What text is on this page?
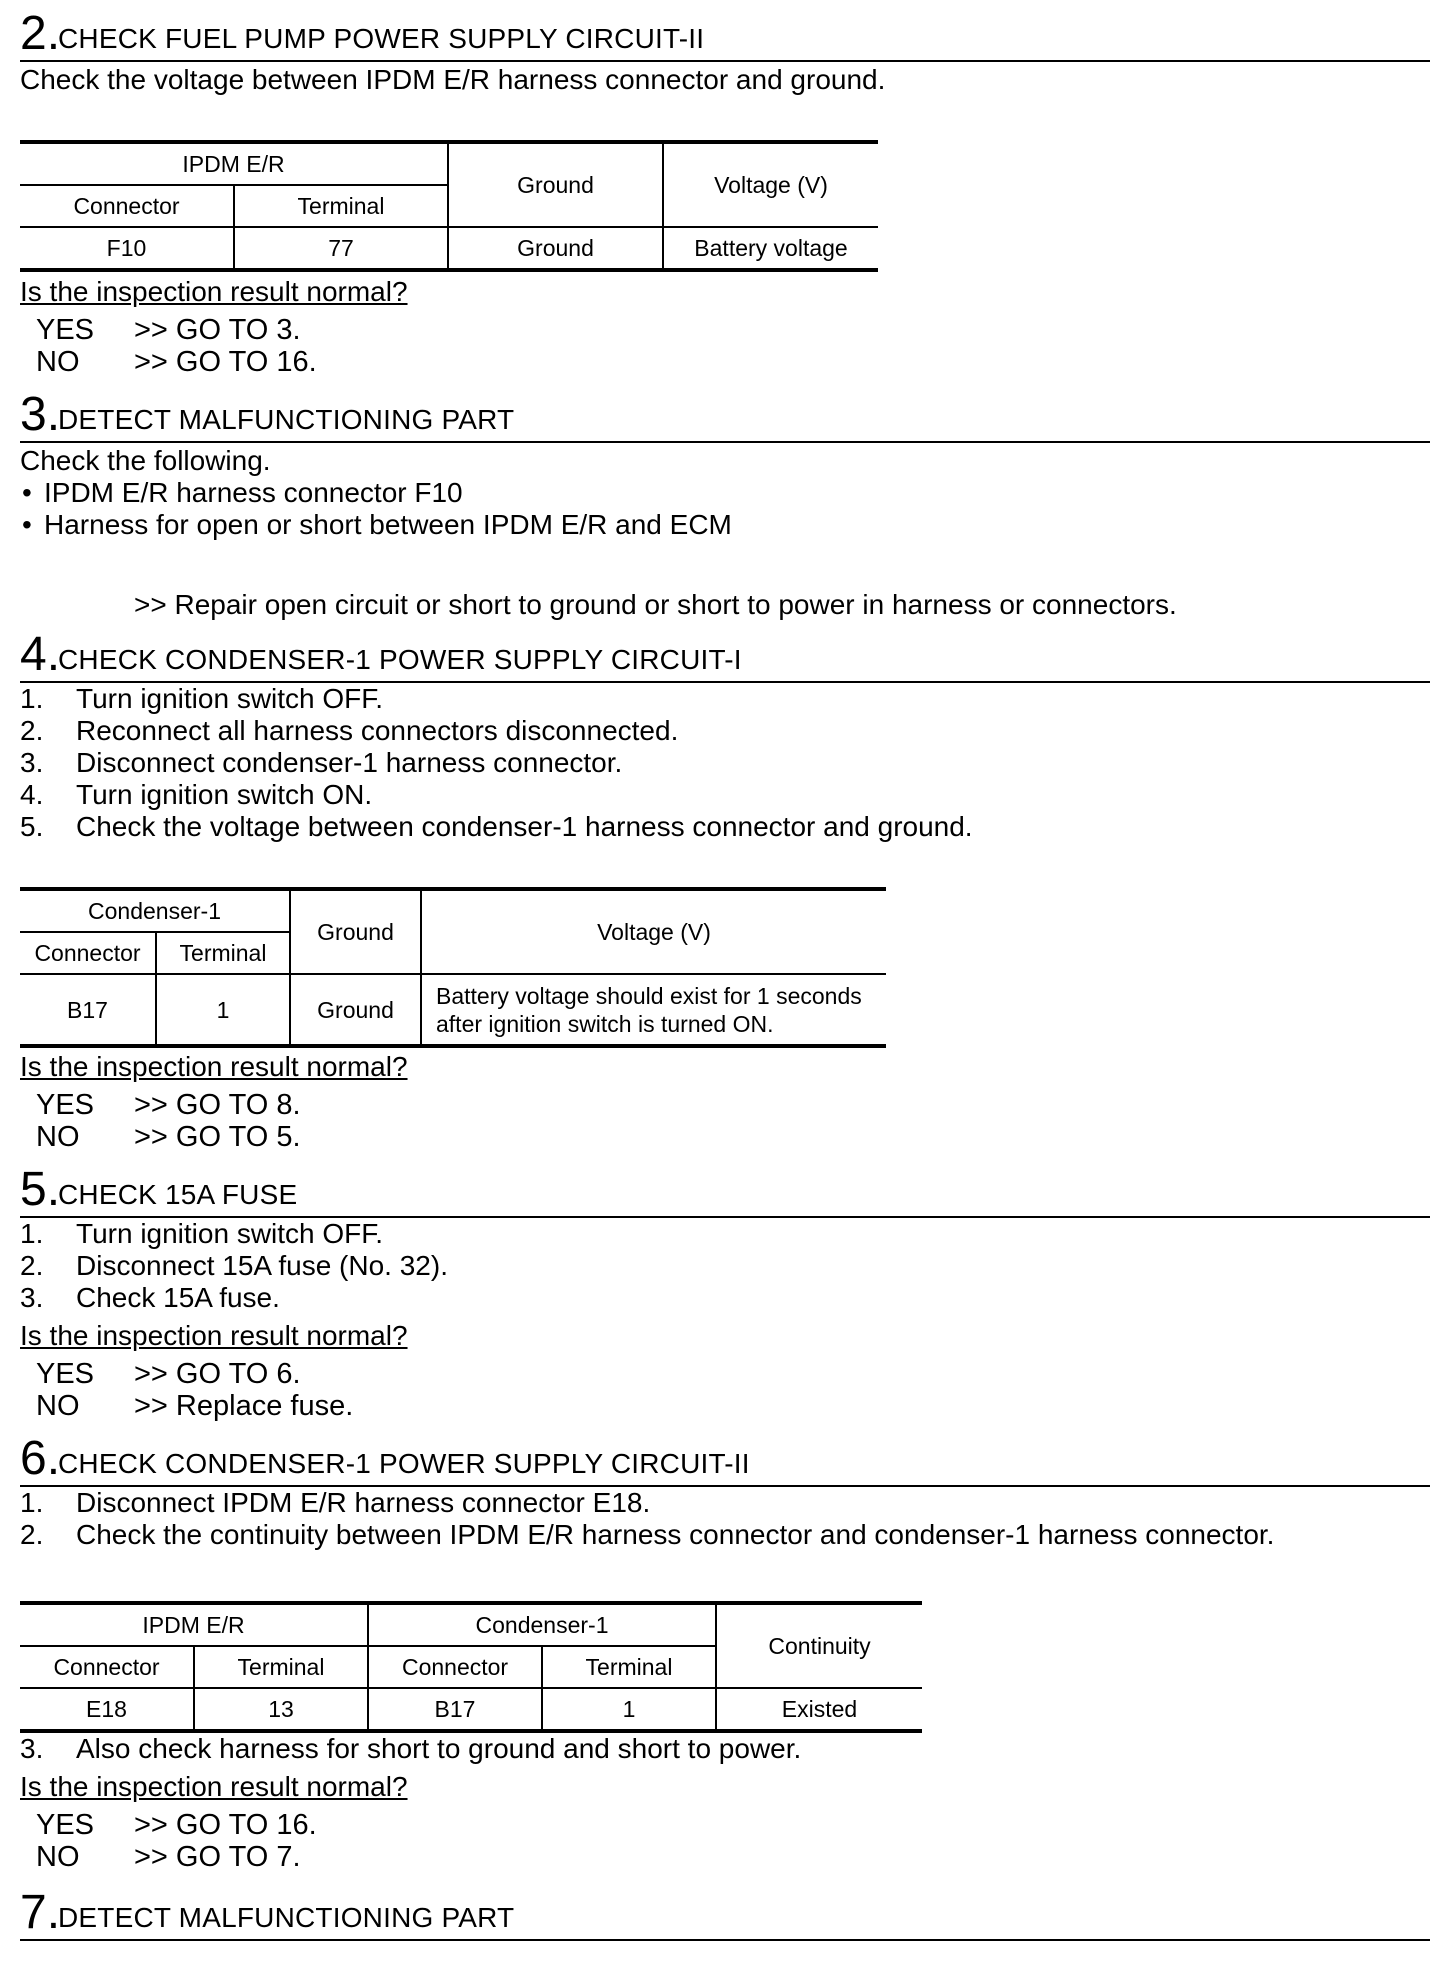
2.
CHECK FUEL PUMP POWER SUPPLY CIRCUIT-II
Check the voltage between IPDM E/R harness connector and ground.
IPDM E/R		Ground	Voltage (V)
Connector	Terminal		
F10	77	Ground	Battery voltage
Is the inspection result normal?
YES >> GO TO 3.
NO >> GO TO 16.
3.
DETECT MALFUNCTIONING PART
Check the following.
• IPDM E/R harness connector F10
• Harness for open or short between IPDM E/R and ECM
>> Repair open circuit or short to ground or short to power in harness or connectors.
4.
CHECK CONDENSER-1 POWER SUPPLY CIRCUIT-I
1. Turn ignition switch OFF.
2. Reconnect all harness connectors disconnected.
3. Disconnect condenser-1 harness connector.
4. Turn ignition switch ON.
5. Check the voltage between condenser-1 harness connector and ground.
Condenser-1		Ground	Voltage (V)
Connector	Terminal		
B17	1	Ground	Battery voltage should exist for 1 seconds
after ignition switch is turned ON.
Is the inspection result normal?
YES >> GO TO 8.
NO >> GO TO 5.
5.
CHECK 15A FUSE
1. Turn ignition switch OFF.
2. Disconnect 15A fuse (No. 32).
3. Check 15A fuse.
Is the inspection result normal?
YES >> GO TO 6.
NO >> Replace fuse.
6.
CHECK CONDENSER-1 POWER SUPPLY CIRCUIT-II
1. Disconnect IPDM E/R harness connector E18.
2. Check the continuity between IPDM E/R harness connector and condenser-1 harness connector.
IPDM E/R		Condenser-1		Continuity
Connector	Terminal	Connector	Terminal	
E18	13	B17	1	Existed
3. Also check harness for short to ground and short to power.
Is the inspection result normal?
YES >> GO TO 16.
NO >> GO TO 7.
7.
DETECT MALFUNCTIONING PART
